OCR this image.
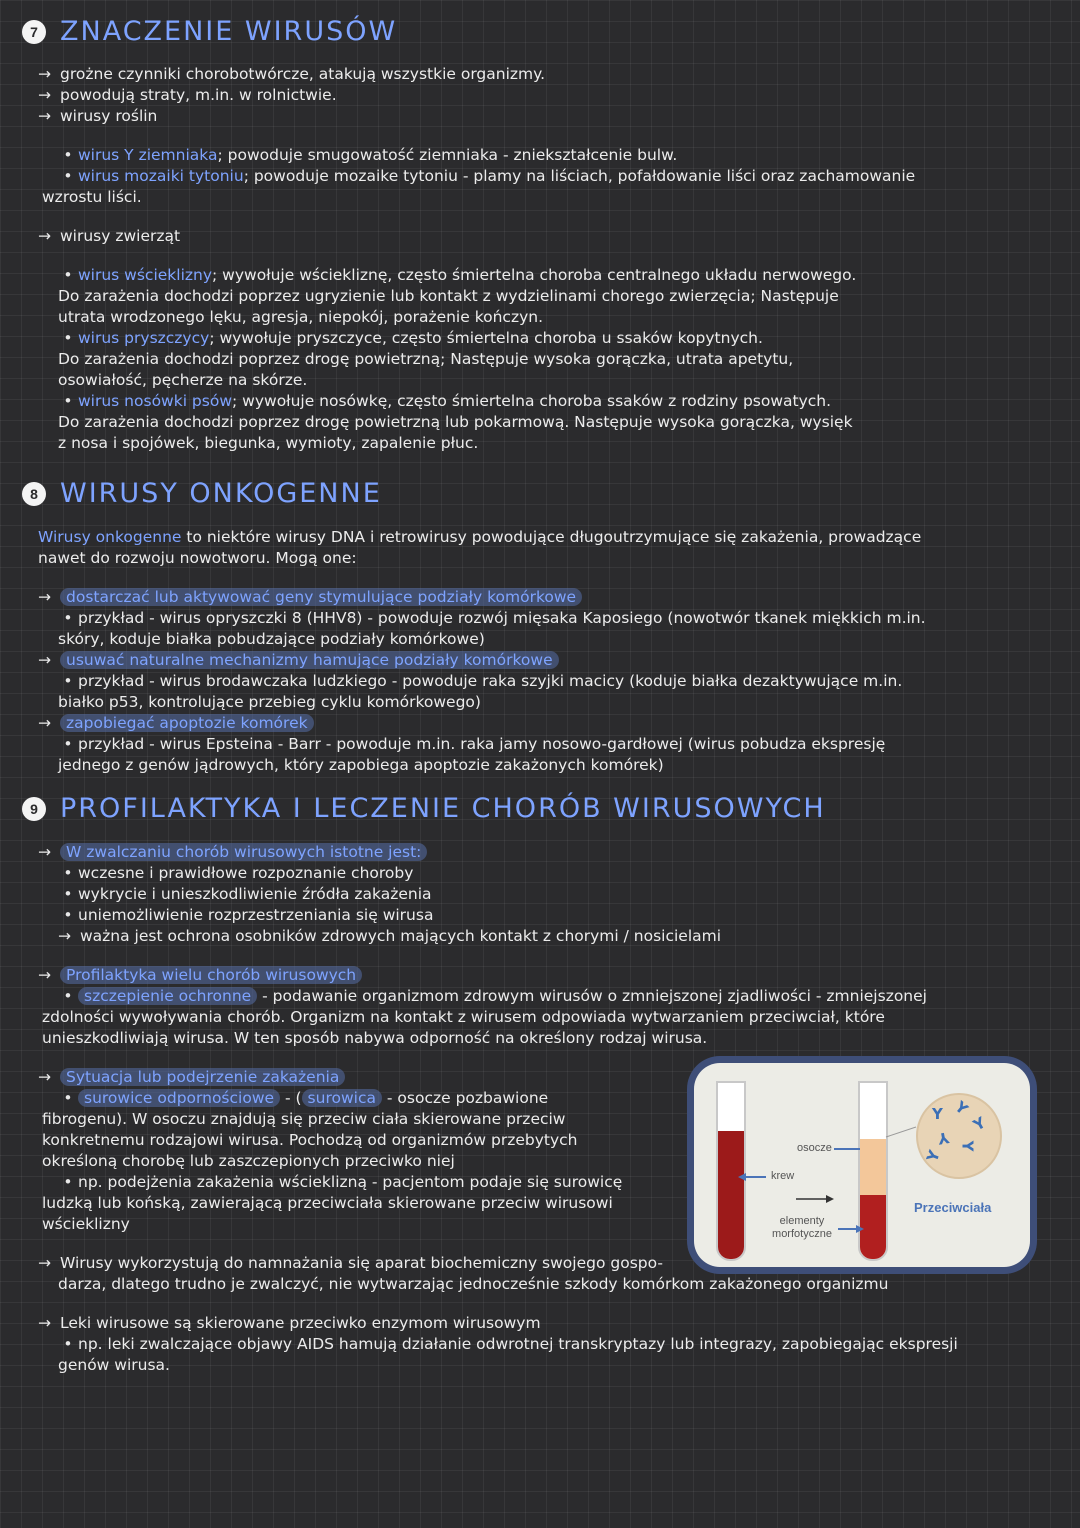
7 ZNACZENIE WIRUSÓW
→ grożne czynniki chorobotwórcze, atakują wszystkie organizmy.
→ powodują straty, m.in. w rolnictwie.
→ wirusy roślin
• wirus Y ziemniaka; powoduje smugowatość ziemniaka - zniekształcenie bulw.
• wirus mozaiki tytoniu; powoduje mozaike tytoniu - plamy na liściach, pofałdowanie liści oraz zachamowanie
wzrostu liści.
→ wirusy zwierząt
• wirus wścieklizny; wywołuje wściekliznę, często śmiertelna choroba centralnego układu nerwowego.
Do zarażenia dochodzi poprzez ugryzienie lub kontakt z wydzielinami chorego zwierzęcia; Następuje
utrata wrodzonego lęku, agresja, niepokój, porażenie kończyn.
• wirus pryszczycy; wywołuje pryszczyce, często śmiertelna choroba u ssaków kopytnych.
Do zarażenia dochodzi poprzez drogę powietrzną; Następuje wysoka gorączka, utrata apetytu,
osowiałość, pęcherze na skórze.
• wirus nosówki psów; wywołuje nosówkę, często śmiertelna choroba ssaków z rodziny psowatych.
Do zarażenia dochodzi poprzez drogę powietrzną lub pokarmową. Następuje wysoka gorączka, wysięk
z nosa i spojówek, biegunka, wymioty, zapalenie płuc.
8 WIRUSY ONKOGENNE
Wirusy onkogenne to niektóre wirusy DNA i retrowirusy powodujące długoutrzymujące się zakażenia, prowadzące
nawet do rozwoju nowotworu. Mogą one:
→ dostarczać lub aktywować geny stymulujące podziały komórkowe
• przykład - wirus opryszczki 8 (HHV8) - powoduje rozwój mięsaka Kaposiego (nowotwór tkanek miękkich m.in.
skóry, koduje białka pobudzające podziały komórkowe)
→ usuwać naturalne mechanizmy hamujące podziały komórkowe
• przykład - wirus brodawczaka ludzkiego - powoduje raka szyjki macicy (koduje białka dezaktywujące m.in.
białko p53, kontrolujące przebieg cyklu komórkowego)
→ zapobiegać apoptozie komórek
• przykład - wirus Epsteina - Barr - powoduje m.in. raka jamy nosowo-gardłowej (wirus pobudza ekspresję
jednego z genów jądrowych, który zapobiega apoptozie zakażonych komórek)
9 PROFILAKTYKA I LECZENIE CHORÓB WIRUSOWYCH
→ W zwalczaniu chorób wirusowych istotne jest:
• wczesne i prawidłowe rozpoznanie choroby
• wykrycie i unieszkodliwienie źródła zakażenia
• uniemożliwienie rozprzestrzeniania się wirusa
→ ważna jest ochrona osobników zdrowych mających kontakt z chorymi / nosicielami
→ Profilaktyka wielu chorób wirusowych
• szczepienie ochronne - podawanie organizmom zdrowym wirusów o zmniejszonej zjadliwości - zmniejszonej
zdolności wywoływania chorób. Organizm na kontakt z wirusem odpowiada wytwarzaniem przeciwciał, które
unieszkodliwiają wirusa. W ten sposób nabywa odporność na określony rodzaj wirusa.
→ Sytuacja lub podejrzenie zakażenia
• surowice odpornościowe - ( surowica - osocze pozbawione
fibrogenu). W osoczu znajdują się przeciw ciała skierowane przeciw
konkretnemu rodzajowi wirusa. Pochodzą od organizmów przebytych
określoną chorobę lub zaszczepionych przeciwko niej
• np. podejżenia zakażenia wścieklizną - pacjentom podaje się surowicę
ludzką lub końską, zawierającą przeciwciała skierowane przeciw wirusowi
wścieklizny
→ Wirusy wykorzystują do namnażania się aparat biochemiczny swojego gospo-
darza, dlatego trudno je zwalczyć, nie wytwarzając jednocześnie szkody komórkom zakażonego organizmu
→ Leki wirusowe są skierowane przeciwko enzymom wirusowym
• np. leki zwalczające objawy AIDS hamują działanie odwrotnej transkryptazy lub integrazy, zapobiegając ekspresji
genów wirusa.
osocze
krew
elementy morfotyczne
Y Y
Y
Y Y
Y
Przeciwciała
